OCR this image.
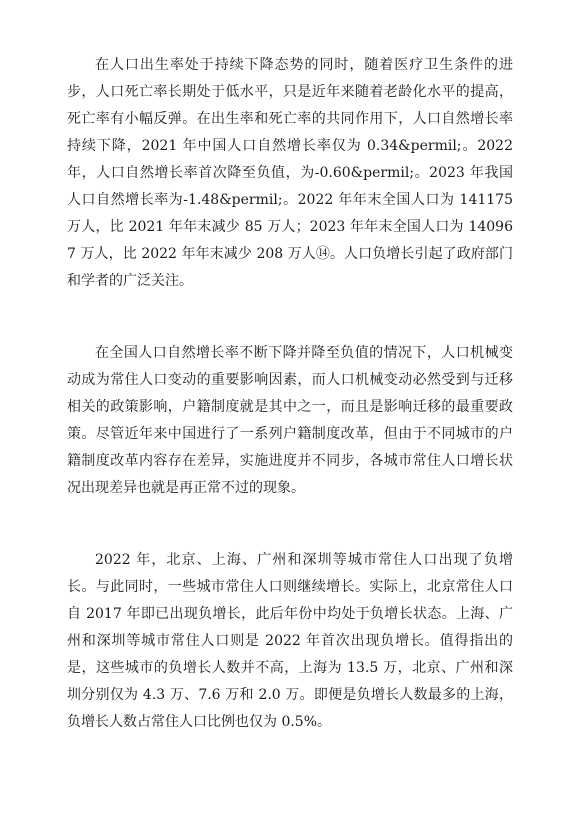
在人口出生率处于持续下降态势的同时，随着医疗卫生条件的进步，人口死亡率长期处于低水平，只是近年来随着老龄化水平的提高，死亡率有小幅反弹。在出生率和死亡率的共同作用下，人口自然增长率持续下降，2021 年中国人口自然增长率仅为 0.34&permil;。2022 年，人口自然增长率首次降至负值，为-0.60&permil;。2023 年我国人口自然增长率为-1.48&permil;。2022 年年末全国人口为 141175 万人，比 2021 年年末减少 85 万人；2023 年年末全国人口为 140967 万人，比 2022 年年末减少 208 万人⑭。人口负增长引起了政府部门和学者的广泛关注。

在全国人口自然增长率不断下降并降至负值的情况下，人口机械变动成为常住人口变动的重要影响因素，而人口机械变动必然受到与迁移相关的政策影响，户籍制度就是其中之一，而且是影响迁移的最重要政策。尽管近年来中国进行了一系列户籍制度改革，但由于不同城市的户籍制度改革内容存在差异，实施进度并不同步，各城市常住人口增长状况出现差异也就是再正常不过的现象。

2022 年，北京、上海、广州和深圳等城市常住人口出现了负增长。与此同时，一些城市常住人口则继续增长。实际上，北京常住人口自 2017 年即已出现负增长，此后年份中均处于负增长状态。上海、广州和深圳等城市常住人口则是 2022 年首次出现负增长。值得指出的是，这些城市的负增长人数并不高，上海为 13.5 万，北京、广州和深圳分别仅为 4.3 万、7.6 万和 2.0 万。即便是负增长人数最多的上海，负增长人数占常住人口比例也仅为 0.5%。
